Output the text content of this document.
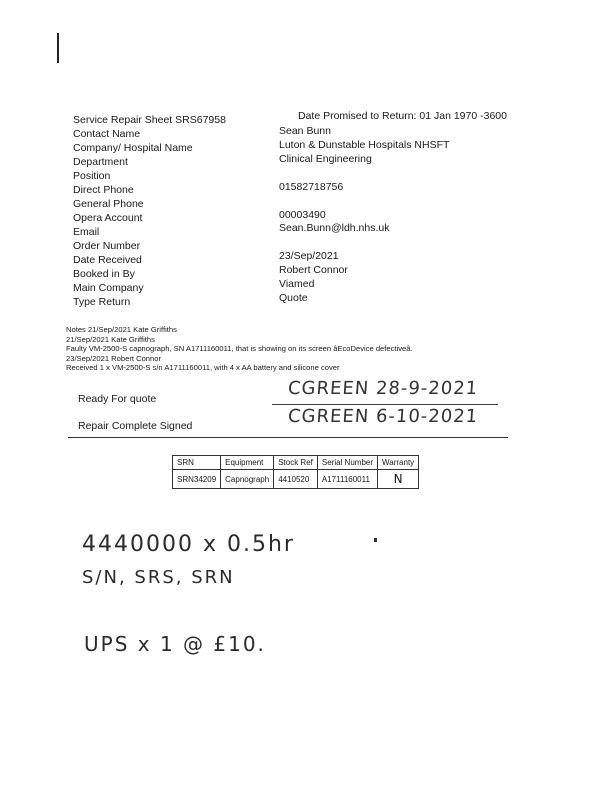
Service Repair Sheet SRS67958	Date Promised to Return: 01 Jan 1970 -3600
Contact Name	Sean Bunn
Company/ Hospital Name	Luton & Dunstable Hospitals NHSFT
Department	Clinical Engineering
Position
Direct Phone	01582718756
General Phone
Opera Account	00003490
Email	Sean.Bunn@ldh.nhs.uk
Order Number
Date Received	23/Sep/2021
Booked in By	Robert Connor
Main Company	Viamed
Type Return	Quote
Notes 21/Sep/2021 Kate Griffiths
21/Sep/2021 Kate Griffiths
Faulty VM-2500-S capnograph, SN A1711160011, that is showing on its screen âEcoDevice defectiveâ.
23/Sep/2021 Robert Connor
Received 1 x VM-2500-S s/n A1711160011, with 4 x AA battery and silicone cover
Ready For quote	CGREEN 28-9-2021
Repair Complete Signed	CGREEN 6-10-2021
SRN	Equipment	Stock Ref	Serial Number	Warranty
SRN34209	Capnograph	4410520	A1711160011	N
4440000 x 0.5hr
S/N, SRS, SRN
UPS x 1 @ £10.
